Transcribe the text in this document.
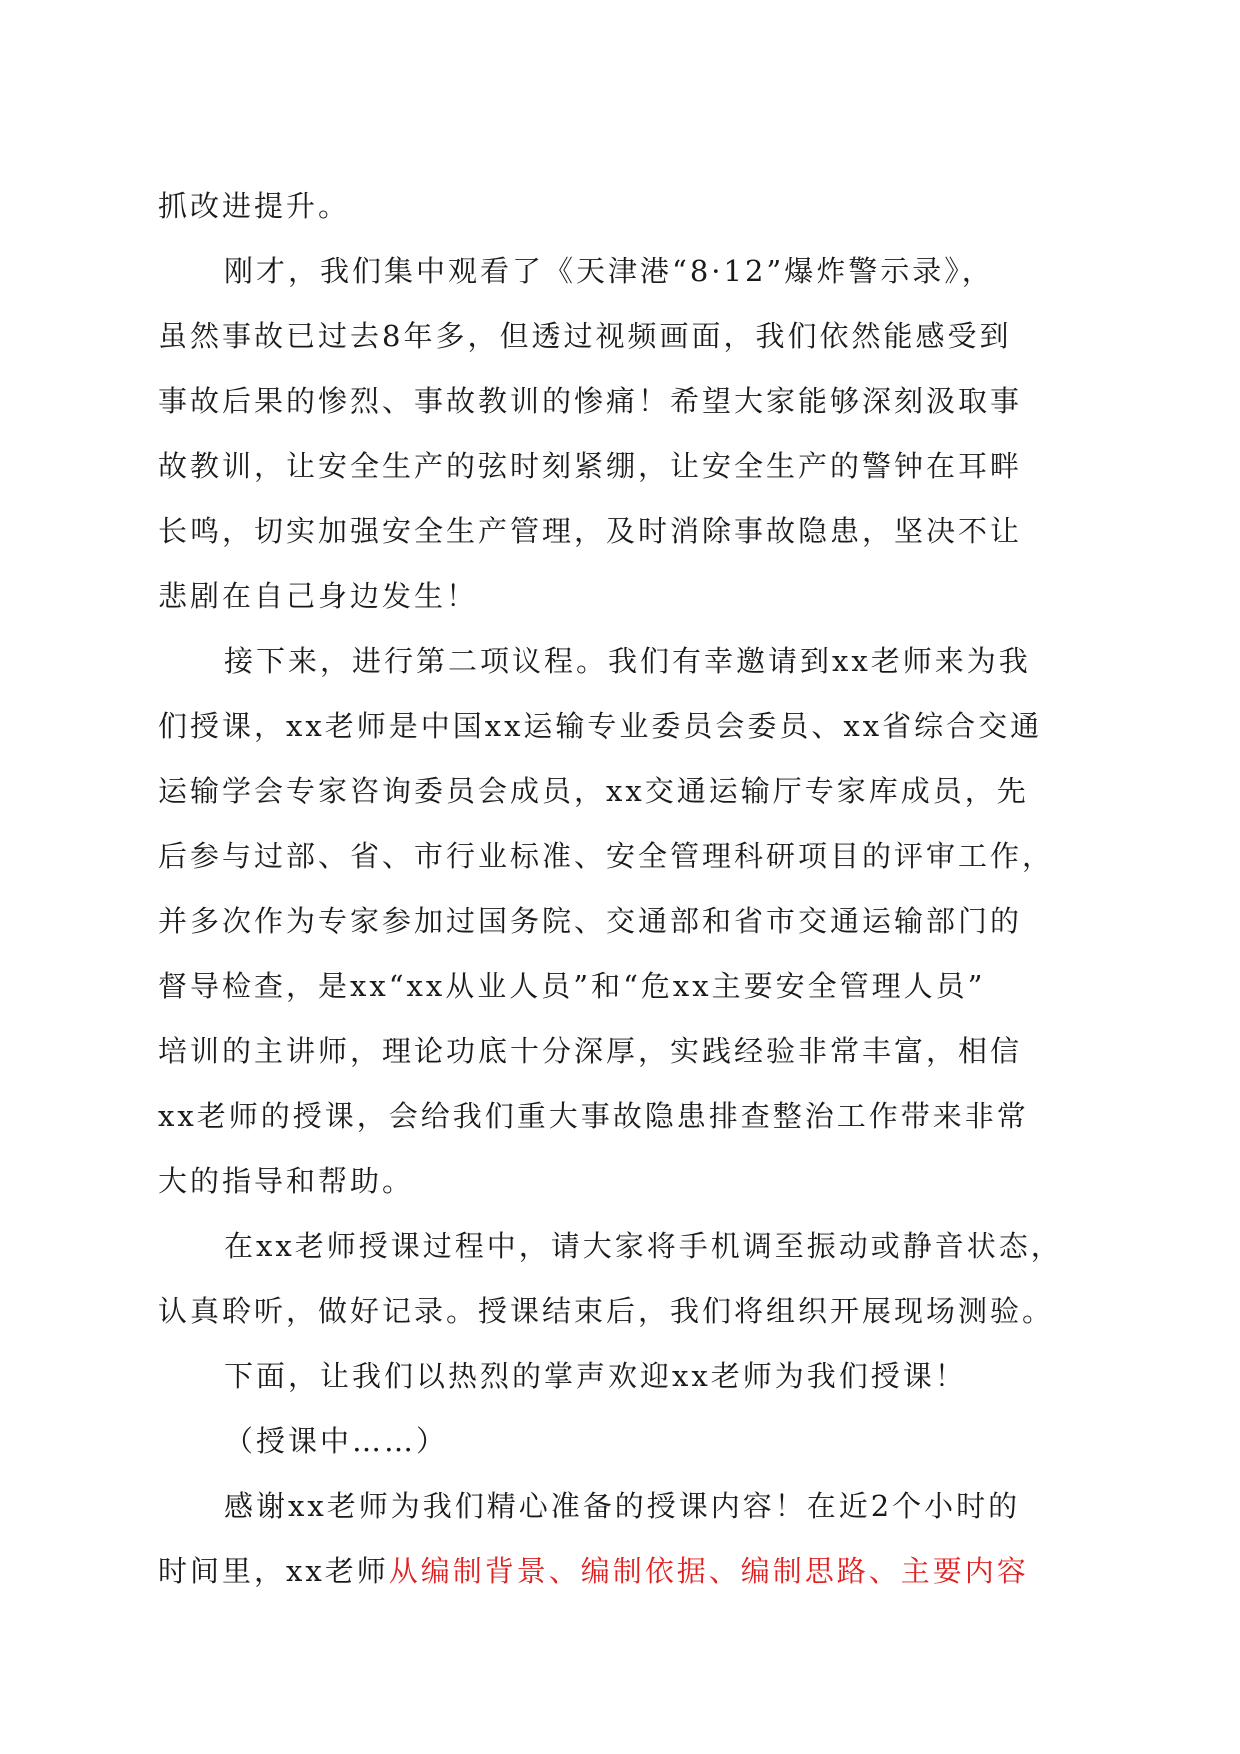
抓改进提升。
刚才，我们集中观看了《天津港“8·12”爆炸警示录》，
虽然事故已过去8年多，但透过视频画面，我们依然能感受到
事故后果的惨烈、事故教训的惨痛！希望大家能够深刻汲取事
故教训，让安全生产的弦时刻紧绷，让安全生产的警钟在耳畔
长鸣，切实加强安全生产管理，及时消除事故隐患，坚决不让
悲剧在自己身边发生！
接下来，进行第二项议程。我们有幸邀请到xx老师来为我
们授课，xx老师是中国xx运输专业委员会委员、xx省综合交通
运输学会专家咨询委员会成员，xx交通运输厅专家库成员，先
后参与过部、省、市行业标准、安全管理科研项目的评审工作，
并多次作为专家参加过国务院、交通部和省市交通运输部门的
督导检查，是xx“xx从业人员”和“危xx主要安全管理人员”
培训的主讲师，理论功底十分深厚，实践经验非常丰富，相信
xx老师的授课，会给我们重大事故隐患排查整治工作带来非常
大的指导和帮助。
在xx老师授课过程中，请大家将手机调至振动或静音状态，
认真聆听，做好记录。授课结束后，我们将组织开展现场测验。
下面，让我们以热烈的掌声欢迎xx老师为我们授课！
（授课中……）
感谢xx老师为我们精心准备的授课内容！在近2个小时的
时间里，xx老师从编制背景、编制依据、编制思路、主要内容
